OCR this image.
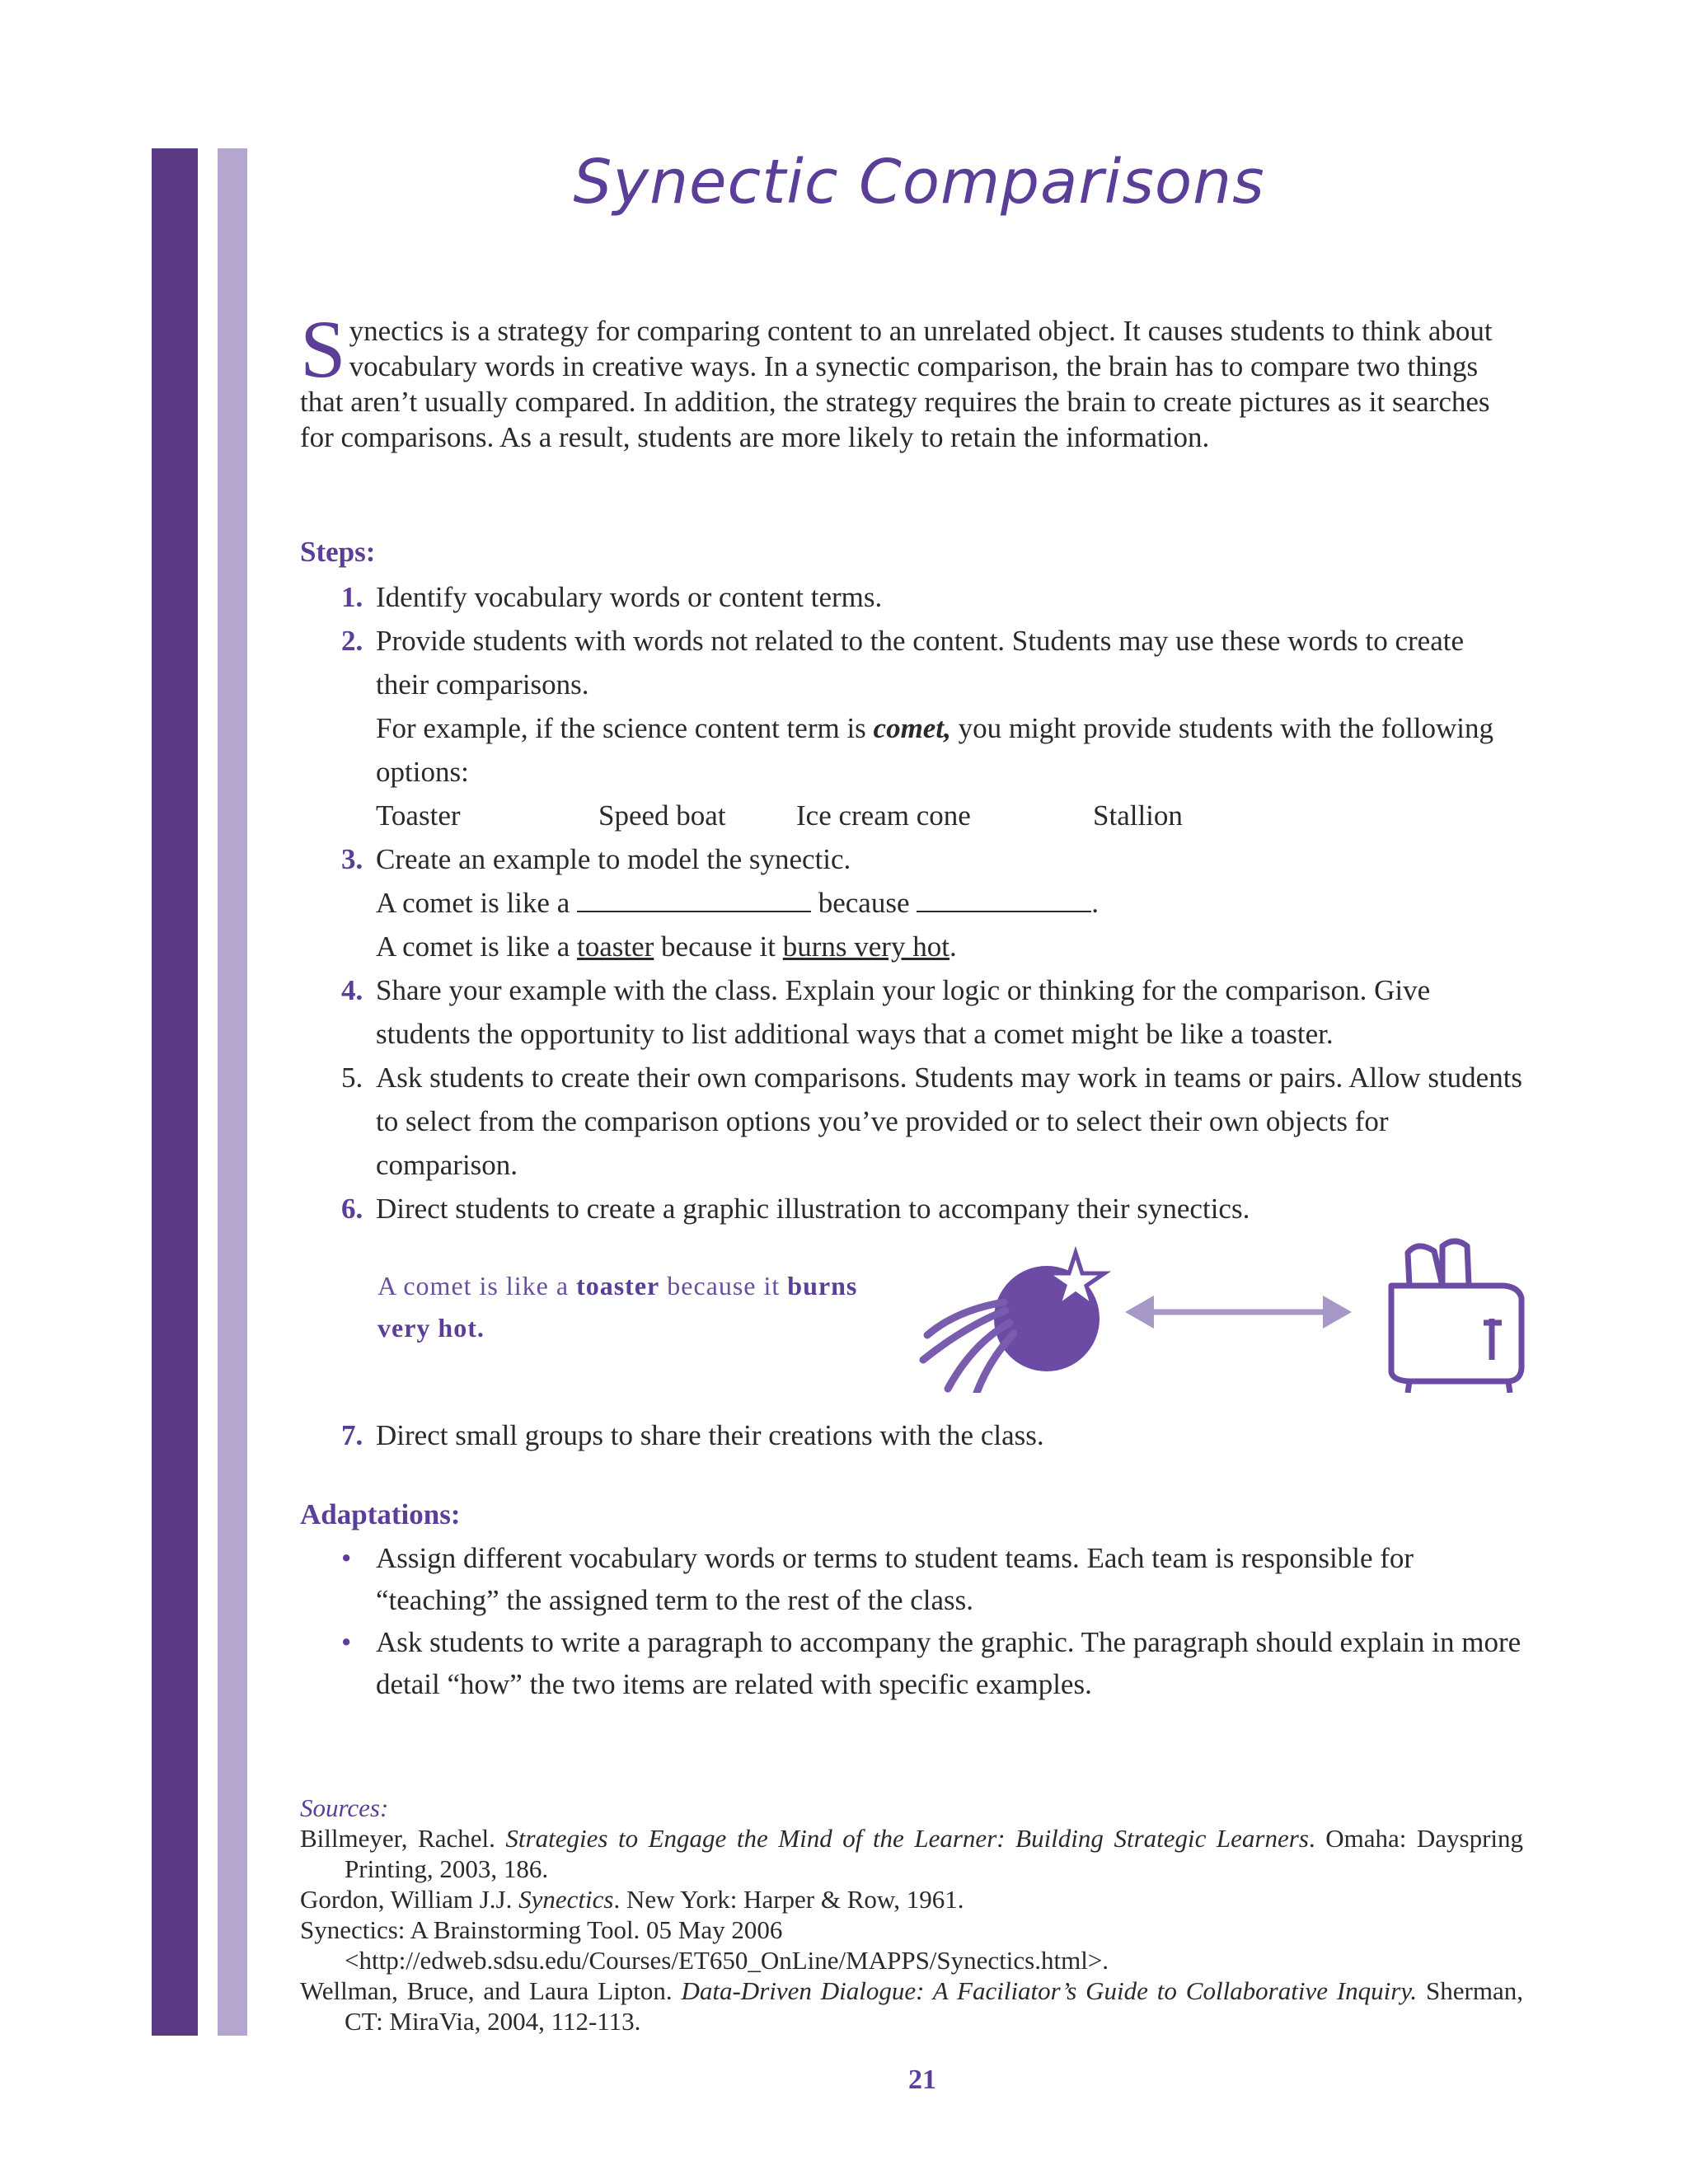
Synectic Comparisons

Synectics is a strategy for comparing content to an unrelated object. It causes students to think about vocabulary words in creative ways. In a synectic comparison, the brain has to compare two things that aren’t usually compared. In addition, the strategy requires the brain to create pictures as it searches for comparisons. As a result, students are more likely to retain the information.

Steps:
1. Identify vocabulary words or content terms.
2. Provide students with words not related to the content. Students may use these words to create their comparisons.
For example, if the science content term is comet, you might provide students with the following options:
Toaster	Speed boat Ice cream cone	Stallion
3. Create an example to model the synectic.
A comet is like a	because	.
A comet is like a toaster because it burns very hot.
4. Share your example with the class. Explain your logic or thinking for the comparison. Give students the opportunity to list additional ways that a comet might be like a toaster.
5. Ask students to create their own comparisons. Students may work in teams or pairs. Allow students to select from the comparison options you’ve provided or to select their own objects for comparison.
6. Direct students to create a graphic illustration to accompany their synectics.
A comet is like a toaster because it burns very hot.
7. Direct small groups to share their creations with the class.
Adaptations:
• Assign different vocabulary words or terms to student teams. Each team is responsible for “teaching” the assigned term to the rest of the class.
• Ask students to write a paragraph to accompany the graphic. The paragraph should explain in more detail “how” the two items are related with specific examples.
Sources:
Billmeyer, Rachel. Strategies to Engage the Mind of the Learner: Building Strategic Learners. Omaha: Dayspring Printing, 2003, 186.
Gordon, William J.J. Synectics. New York: Harper & Row, 1961.
Synectics: A Brainstorming Tool. 05 May 2006 <http://edweb.sdsu.edu/Courses/ET650_OnLine/MAPPS/Synectics.html>.
Wellman, Bruce, and Laura Lipton. Data-Driven Dialogue: A Faciliator’s Guide to Collaborative Inquiry. Sherman, CT: MiraVia, 2004, 112-113.
21
